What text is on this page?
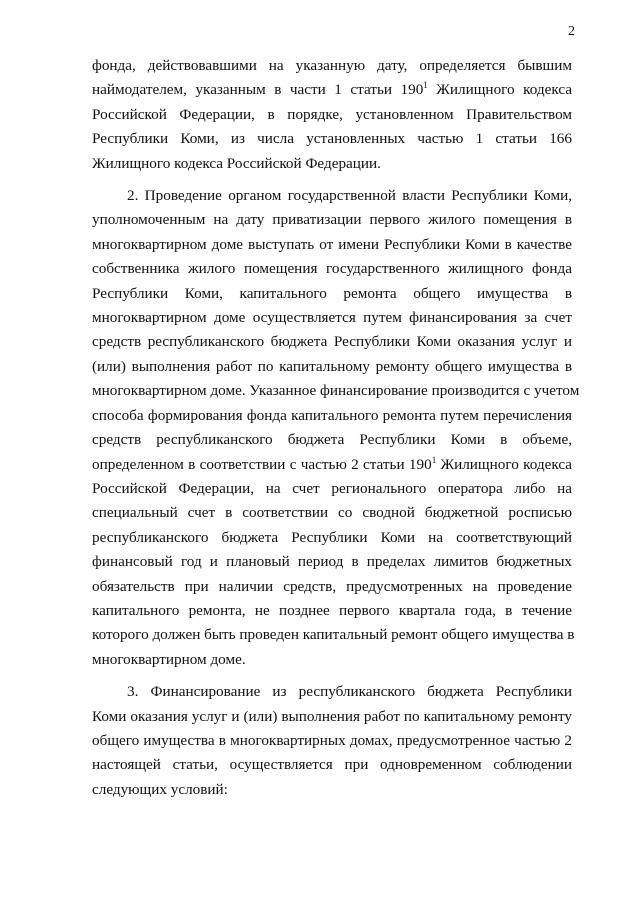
2
фонда, действовавшими на указанную дату, определяется бывшим
наймодателем, указанным в части 1 статьи $190^1$ Жилищного кодекса
Российской Федерации, в порядке, установленном Правительством
Республики Коми, из числа установленных частью 1 статьи 166
Жилищного кодекса Российской Федерации.
2. Проведение органом государственной власти Республики Коми,
уполномоченным на дату приватизации первого жилого помещения в
многоквартирном доме выступать от имени Республики Коми в качестве
собственника жилого помещения государственного жилищного фонда
Республики Коми, капитального ремонта общего имущества в
многоквартирном доме осуществляется путем финансирования за счет
средств республиканского бюджета Республики Коми оказания услуг и
(или) выполнения работ по капитальному ремонту общего имущества в
многоквартирном доме. Указанное финансирование производится с учетом
способа формирования фонда капитального ремонта путем перечисления
средств республиканского бюджета Республики Коми в объеме,
определенном в соответствии с частью 2 статьи $190^1$ Жилищного кодекса
Российской Федерации, на счет регионального оператора либо на
специальный счет в соответствии со сводной бюджетной росписью
республиканского бюджета Республики Коми на соответствующий
финансовый год и плановый период в пределах лимитов бюджетных
обязательств при наличии средств, предусмотренных на проведение
капитального ремонта, не позднее первого квартала года, в течение
которого должен быть проведен капитальный ремонт общего имущества в
многоквартирном доме.
3. Финансирование из республиканского бюджета Республики
Коми оказания услуг и (или) выполнения работ по капитальному ремонту
общего имущества в многоквартирных домах, предусмотренное частью 2
настоящей статьи, осуществляется при одновременном соблюдении
следующих условий:
